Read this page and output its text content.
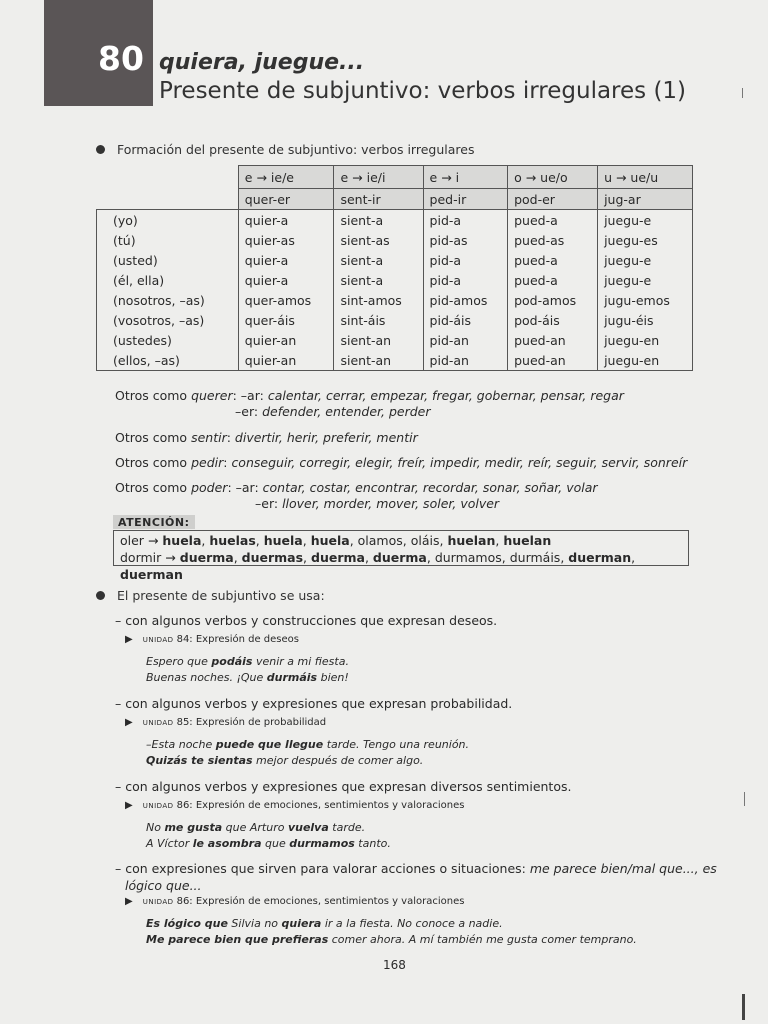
80 quiera, juegue...
Presente de subjuntivo: verbos irregulares (1)
Formación del presente de subjuntivo: verbos irregulares
	e → ie/e	e → ie/i	e → i	o → ue/o	u → ue/u
	quer-er	sent-ir	ped-ir	pod-er	jug-ar
(yo)	quier-a	sient-a	pid-a	pued-a	juegu-e
(tú)	quier-as	sient-as	pid-as	pued-as	juegu-es
(usted)	quier-a	sient-a	pid-a	pued-a	juegu-e
(él, ella)	quier-a	sient-a	pid-a	pued-a	juegu-e
(nosotros, –as)	quer-amos	sint-amos	pid-amos	pod-amos	jugu-emos
(vosotros, –as)	quer-áis	sint-áis	pid-áis	pod-áis	jugu-éis
(ustedes)	quier-an	sient-an	pid-an	pued-an	juegu-en
(ellos, –as)	quier-an	sient-an	pid-an	pued-an	juegu-en
Otros como querer: –ar: calentar, cerrar, empezar, fregar, gobernar, pensar, regar
–er: defender, entender, perder
Otros como sentir: divertir, herir, preferir, mentir
Otros como pedir: conseguir, corregir, elegir, freír, impedir, medir, reír, seguir, servir, sonreír
Otros como poder: –ar: contar, costar, encontrar, recordar, sonar, soñar, volar
–er: llover, morder, mover, soler, volver
ATENCIÓN:
oler → huela, huelas, huela, huela, olamos, oláis, huelan, huelan
dormir → duerma, duermas, duerma, duerma, durmamos, durmáis, duerman, duerman
El presente de subjuntivo se usa:
– con algunos verbos y construcciones que expresan deseos.
▶ UNIDAD 84: Expresión de deseos
Espero que podáis venir a mi fiesta.
Buenas noches. ¡Que durmáis bien!
– con algunos verbos y expresiones que expresan probabilidad.
▶ UNIDAD 85: Expresión de probabilidad
–Esta noche puede que llegue tarde. Tengo una reunión.
Quizás te sientas mejor después de comer algo.
– con algunos verbos y expresiones que expresan diversos sentimientos.
▶ UNIDAD 86: Expresión de emociones, sentimientos y valoraciones
No me gusta que Arturo vuelva tarde.
A Víctor le asombra que durmamos tanto.
– con expresiones que sirven para valorar acciones o situaciones: me parece bien/mal que..., es
lógico que...
▶ UNIDAD 86: Expresión de emociones, sentimientos y valoraciones
Es lógico que Silvia no quiera ir a la fiesta. No conoce a nadie.
Me parece bien que prefieras comer ahora. A mí también me gusta comer temprano.
168
